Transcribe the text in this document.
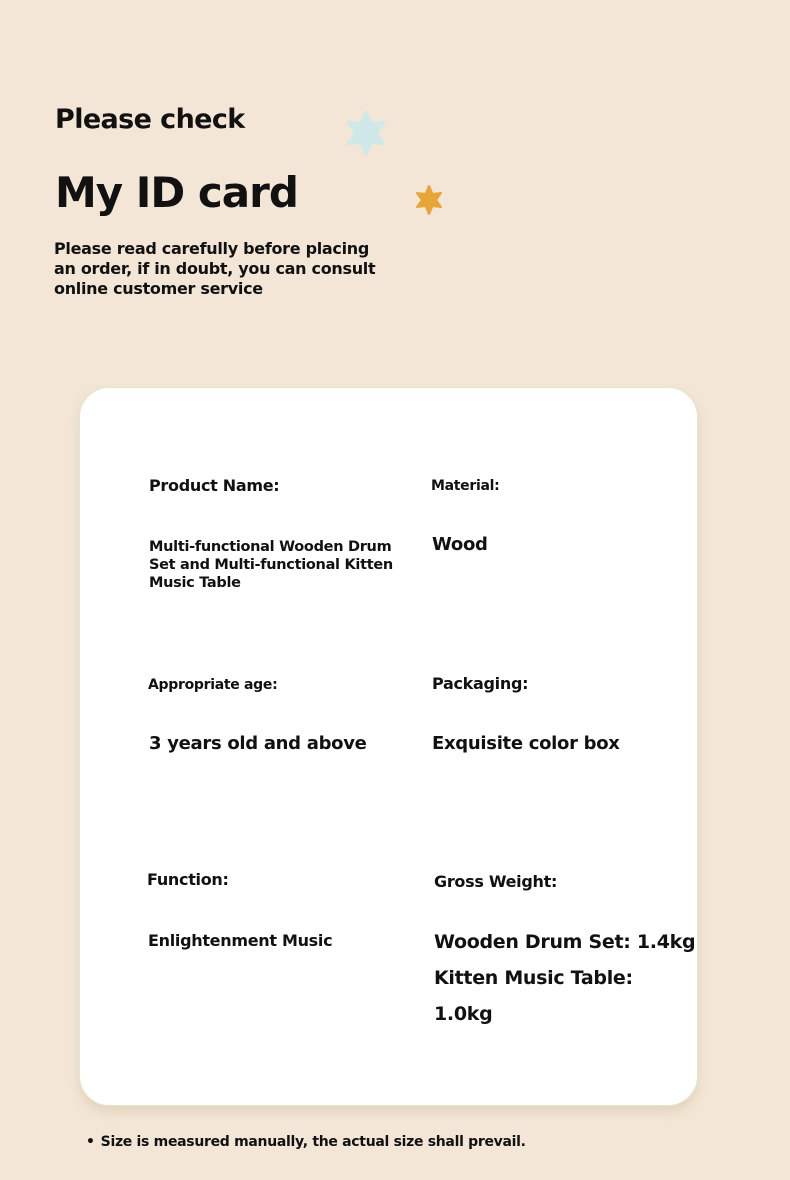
Please check
My ID card

Please read carefully before placing an order, if in doubt, you can consult online customer service

Product Name:

Multi-functional Wooden Drum Set and Multi-functional Kitten Music Table

Material:

Wood

Appropriate age:

3 years old and above

Packaging:

Exquisite color box

Function:

Enlightenment Music

Gross Weight:

Wooden Drum Set: 1.4kg

Kitten Music Table: 1.0kg

• Size is measured manually, the actual size shall prevail.
